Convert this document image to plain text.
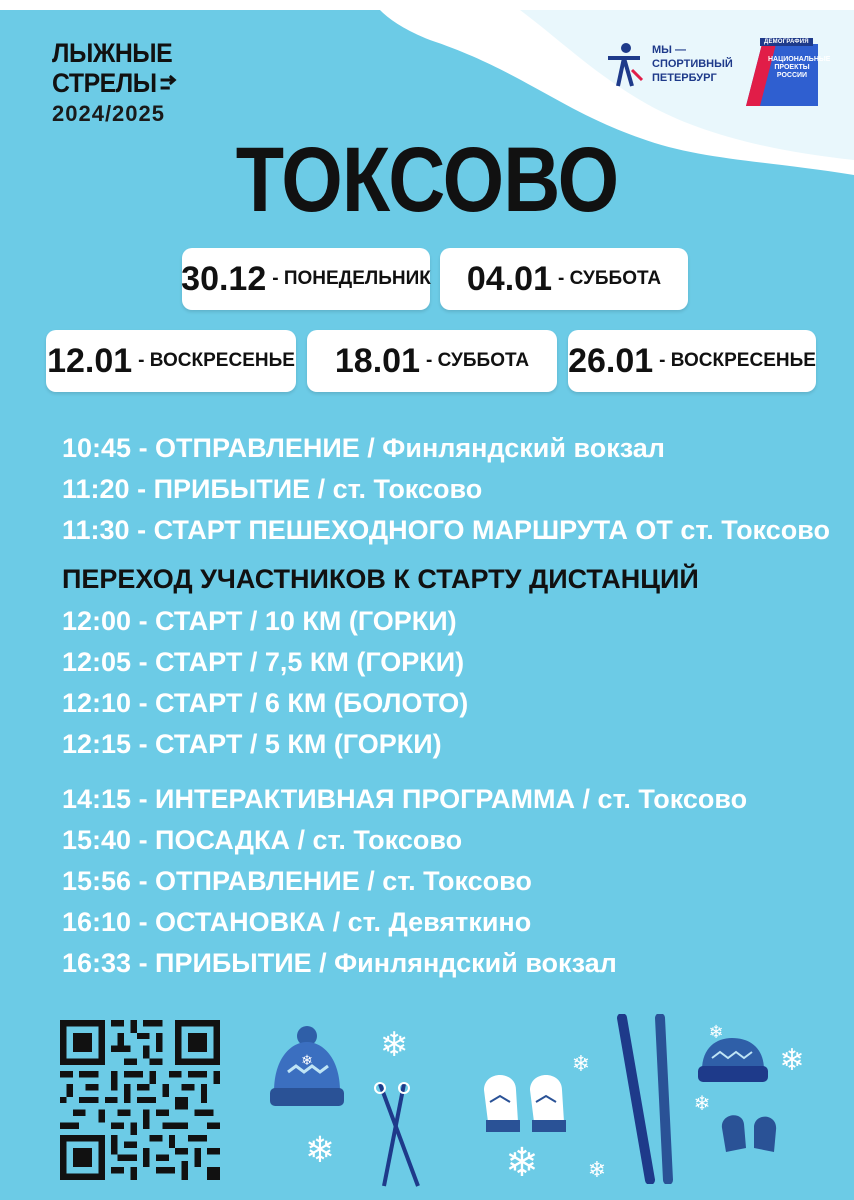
ЛЫЖНЫЕ
СТРЕЛЫ
2024/2025
МЫ —
СПОРТИВНЫЙ
ПЕТЕРБУРГ
ДЕМОГРАФИЯ
НАЦИОНАЛЬНЫЕ
ПРОЕКТЫ
РОССИИ
ТОКСОВО
30.12 - ПОНЕДЕЛЬНИК 04.01 - СУББОТА
12.01 - ВОСКРЕСЕНЬЕ 18.01 - СУББОТА 26.01 - ВОСКРЕСЕНЬЕ
10:45 - ОТПРАВЛЕНИЕ / Финляндский вокзал
11:20 - ПРИБЫТИЕ / ст. Токсово
11:30 - СТАРТ ПЕШЕХОДНОГО МАРШРУТА ОТ ст. Токсово
ПЕРЕХОД УЧАСТНИКОВ К СТАРТУ ДИСТАНЦИЙ
12:00 - СТАРТ / 10 КМ (ГОРКИ)
12:05 - СТАРТ / 7,5 КМ (ГОРКИ)
12:10 - СТАРТ / 6 КМ (БОЛОТО)
12:15 - СТАРТ / 5 КМ (ГОРКИ)
14:15 - ИНТЕРАКТИВНАЯ ПРОГРАММА / ст. Токсово
15:40 - ПОСАДКА / ст. Токсово
15:56 - ОТПРАВЛЕНИЕ / ст. Токсово
16:10 - ОСТАНОВКА / ст. Девяткино
16:33 - ПРИБЫТИЕ / Финляндский вокзал
❄ ❄
❄	❄
❄
❄
❄
❄
❄
